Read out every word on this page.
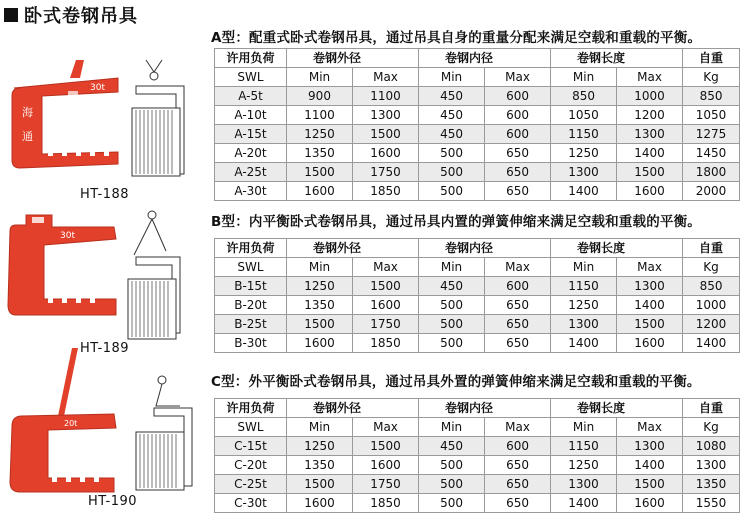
卧式卷钢吊具
A型：配重式卧式卷钢吊具，通过吊具自身的重量分配来满足空载和重载的平衡。
许用负荷	卷钢外径		卷钢内径		卷钢长度		自重
SWL	Min	Max	Min	Max	Min	Max	Kg
A-5t	900	1100	450	600	850	1000	850
A-10t	1100	1300	450	600	1050	1200	1050
A-15t	1250	1500	450	600	1150	1300	1275
A-20t	1350	1600	500	650	1250	1400	1450
A-25t	1500	1750	500	650	1300	1500	1800
A-30t	1600	1850	500	650	1400	1600	2000
B型：内平衡卧式卷钢吊具，通过吊具内置的弹簧伸缩来满足空载和重载的平衡。
许用负荷	卷钢外径		卷钢内径		卷钢长度		自重
SWL	Min	Max	Min	Max	Min	Max	Kg
B-15t	1250	1500	450	600	1150	1300	850
B-20t	1350	1600	500	650	1250	1400	1000
B-25t	1500	1750	500	650	1300	1500	1200
B-30t	1600	1850	500	650	1400	1600	1400
C型：外平衡卧式卷钢吊具，通过吊具外置的弹簧伸缩来满足空载和重载的平衡。
许用负荷	卷钢外径		卷钢内径		卷钢长度		自重
SWL	Min	Max	Min	Max	Min	Max	Kg
C-15t	1250	1500	450	600	1150	1300	1080
C-20t	1350	1600	500	650	1250	1400	1300
C-25t	1500	1750	500	650	1300	1500	1350
C-30t	1600	1850	500	650	1400	1600	1550
30t
海
通
HT-188
30t
海
通
HT-189
20t
海
通
HT-190
